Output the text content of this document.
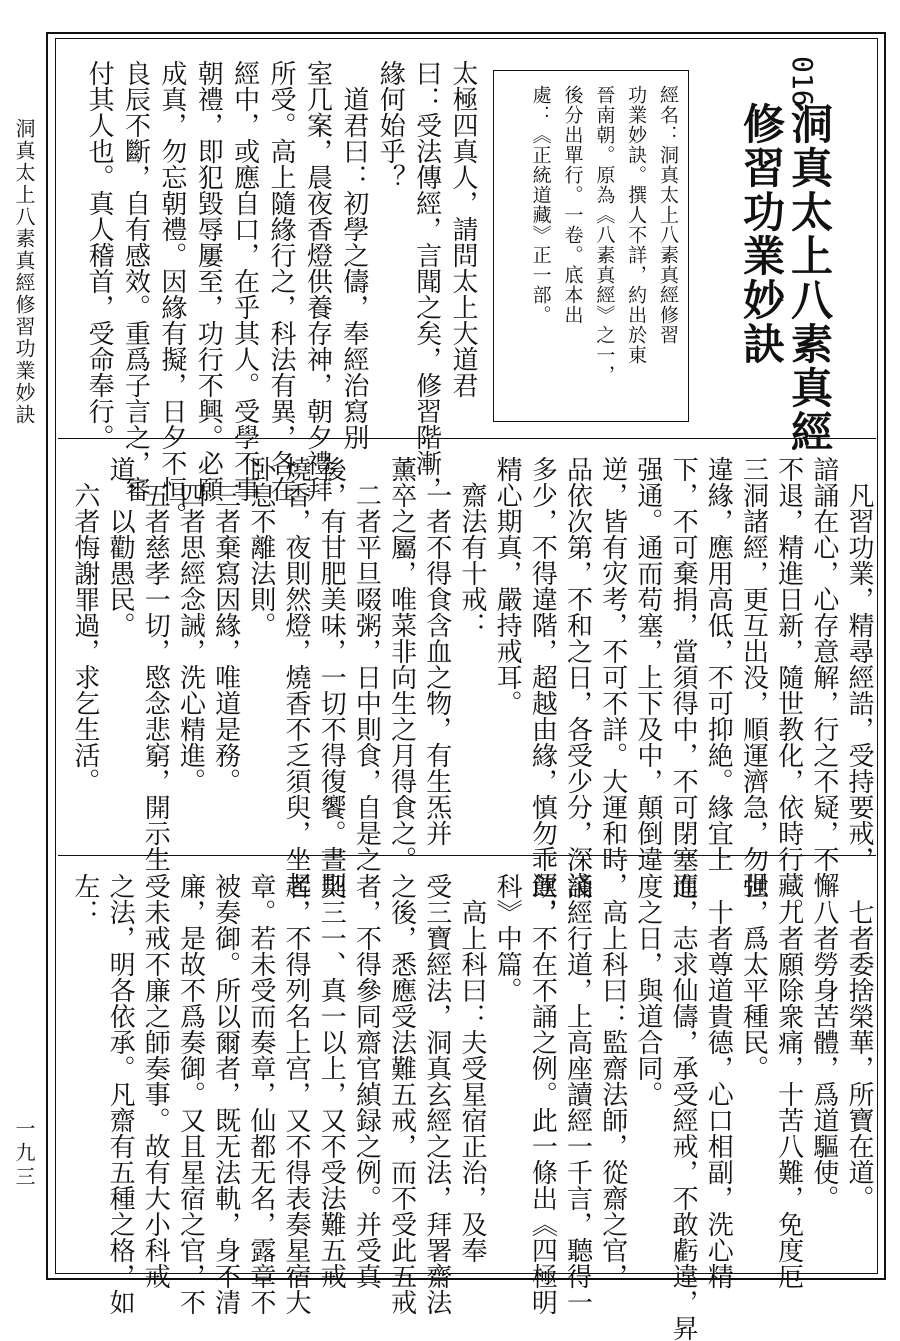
洞真太上八素真經修習功業妙訣
一九三
016
洞真太上八素真經
修習功業妙訣
經名：洞真太上八素真經修習
功業妙訣。撰人不詳，約出於東
晉南朝。原為《八素真經》之一，
後分出單行。一卷。底本出
處：《正統道藏》正一部。
太極四真人，請問太上大道君
曰：受法傳經，言聞之矣，修習階漸，
緣何始乎？
　道君曰：初學之儔，奉經治寫別
室几案，晨夜香燈供養存神，朝夕禮拜
所受。高上隨緣行之，科法有異，各在
經中，或應自口，在乎其人。受學不事
朝禮，即犯毀辱屢至，功行不興。必願
成真，勿忘朝禮。因緣有擬，日夕不恒。
良辰不斷，自有感效。重爲子言之，審
付其人也。真人稽首，受命奉行。
　凡習功業，精尋經誥，受持要戒，
諳誦在心，心存意解，行之不疑，不懈
不退，精進日新，隨世教化，依時行藏。
三洞諸經，更互出没，順運濟急，勿强
違緣，應用高低，不可抑絶。緣宜上
下，不可棄捐，當須得中，不可閉塞而
强通。通而苟塞，上下及中，顛倒違
逆，皆有灾考，不可不詳。大運和時，
品依次第，不和之日，各受少分，深淺
多少，不得違階，超越由緣，慎勿乖運，
精心期真，嚴持戒耳。
　齋法有十戒：
　一者不得食含血之物，有生炁并
薰卒之屬，唯菜非向生之月得食之。
　二者平旦啜粥，日中則食，自是之
後，有甘肥美味，一切不得復饗。晝則
燒香，夜則然燈，燒香不乏須臾，坐起
卧息不離法則。
　三者棄寫因緣，唯道是務。
　四者思經念誡，洗心精進。
　五者慈孝一切，愍念悲窮，開示生
道，以勸愚民。
　六者悔謝罪過，求乞生活。
　七者委捨榮華，所寶在道。
　八者勞身苦體，爲道驅使。
　九者願除衆痛，十苦八難，免度厄
世，爲太平種民。
　十者尊道貴德，心口相副，洗心精
進，志求仙儔，承受經戒，不敢虧違，昇
度之日，與道合同。
　高上科曰：監齋法師，從齋之官，
誦經行道，上高座讀經一千言，聽得一
飲，不在不誦之例。此一條出《四極明
科》中篇。
　高上科曰：夫受星宿正治，及奉
受三寶經法，洞真玄經之法，拜署齋法
之後，悉應受法難五戒，而不受此五戒
者，不得參同齋官緽録之例。并受真
契三一、真一以上，又不受法難五戒
者，不得列名上宫，又不得表奏星宿大
章。若未受而奏章，仙都无名，露章不
被奏御。所以爾者，既无法軌，身不清
廉，是故不爲奏御。又且星宿之官，不
受未戒不廉之師奏事。故有大小科戒
之法，明各依承。凡齋有五種之格，如
左：
